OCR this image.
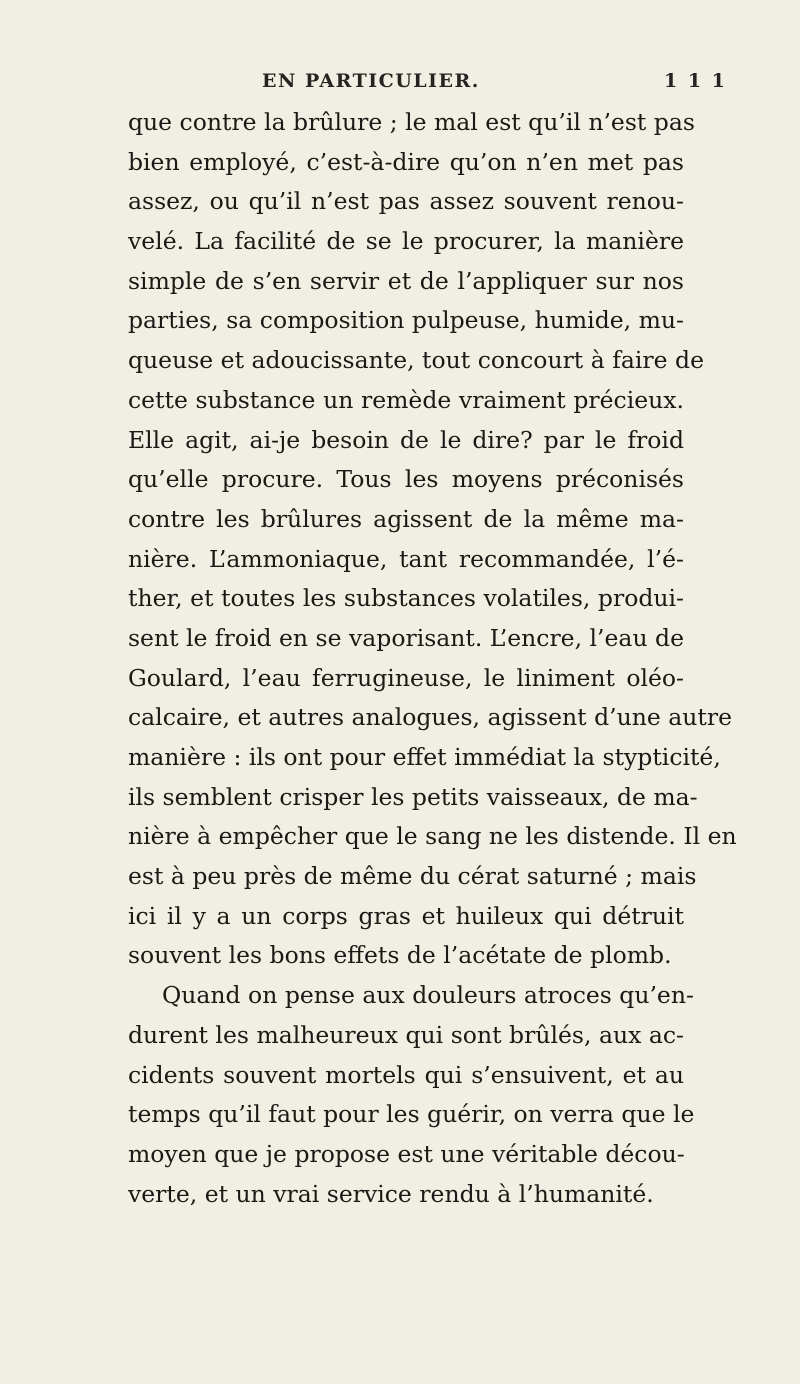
EN PARTICULIER.	1 1 1
que contre la brûlure ; le mal est qu’il n’est pas
bien employé, c’est-à-dire qu’on n’en met pas
assez, ou qu’il n’est pas assez souvent renou-
velé. La facilité de se le procurer, la manière
simple de s’en servir et de l’appliquer sur nos
parties, sa composition pulpeuse, humide, mu-
queuse et adoucissante, tout concourt à faire de
cette substance un remède vraiment précieux.
Elle agit, ai-je besoin de le dire? par le froid
qu’elle procure. Tous les moyens préconisés
contre les brûlures agissent de la même ma-
nière. L’ammoniaque, tant recommandée, l’é-
ther, et toutes les substances volatiles, produi-
sent le froid en se vaporisant. L’encre, l’eau de
Goulard, l’eau ferrugineuse, le liniment oléo-
calcaire, et autres analogues, agissent d’une autre
manière : ils ont pour effet immédiat la stypticité,
ils semblent crisper les petits vaisseaux, de ma-
nière à empêcher que le sang ne les distende. Il en
est à peu près de même du cérat saturné ; mais
ici il y a un corps gras et huileux qui détruit
souvent les bons effets de l’acétate de plomb.
Quand on pense aux douleurs atroces qu’en-
durent les malheureux qui sont brûlés, aux ac-
cidents souvent mortels qui s’ensuivent, et au
temps qu’il faut pour les guérir, on verra que le
moyen que je propose est une véritable décou-
verte, et un vrai service rendu à l’humanité.
